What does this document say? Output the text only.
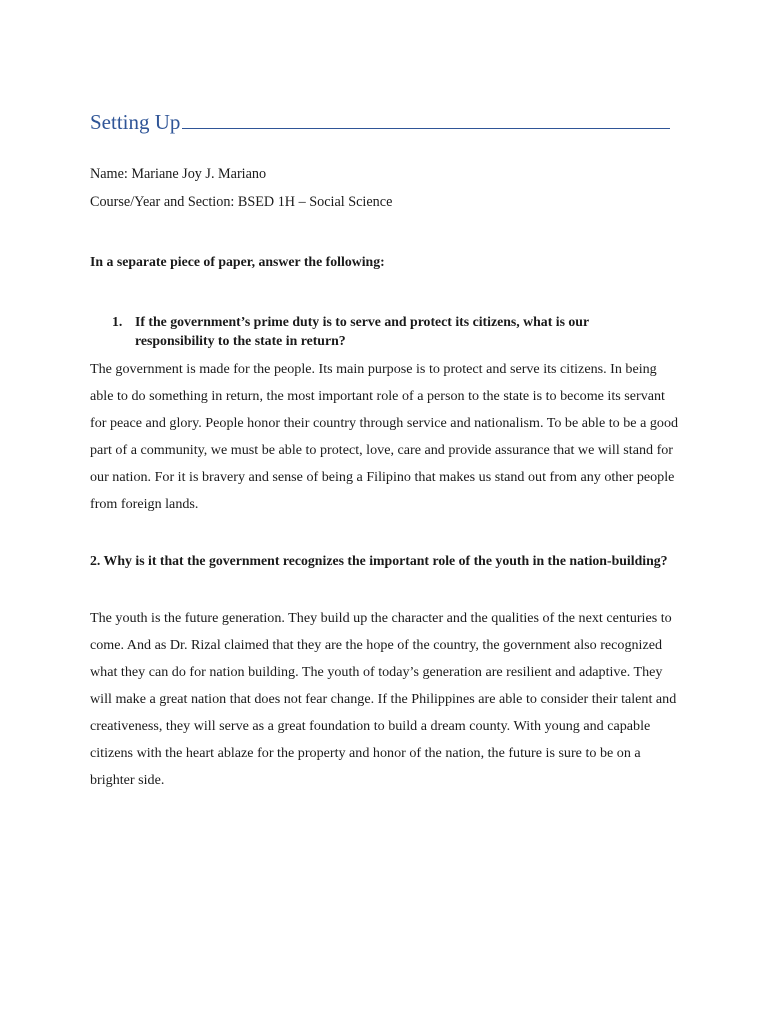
Setting Up
Name: Mariane Joy J. Mariano
Course/Year and Section: BSED 1H – Social Science
In a separate piece of paper, answer the following:
1. If the government’s prime duty is to serve and protect its citizens, what is our responsibility to the state in return?
The government is made for the people. Its main purpose is to protect and serve its citizens. In being able to do something in return, the most important role of a person to the state is to become its servant for peace and glory. People honor their country through service and nationalism. To be able to be a good part of a community, we must be able to protect, love, care and provide assurance that we will stand for our nation. For it is bravery and sense of being a Filipino that makes us stand out from any other people from foreign lands.
2. Why is it that the government recognizes the important role of the youth in the nation-building?
The youth is the future generation. They build up the character and the qualities of the next centuries to come. And as Dr. Rizal claimed that they are the hope of the country, the government also recognized what they can do for nation building. The youth of today’s generation are resilient and adaptive. They will make a great nation that does not fear change. If the Philippines are able to consider their talent and creativeness, they will serve as a great foundation to build a dream county. With young and capable citizens with the heart ablaze for the property and honor of the nation, the future is sure to be on a brighter side.
